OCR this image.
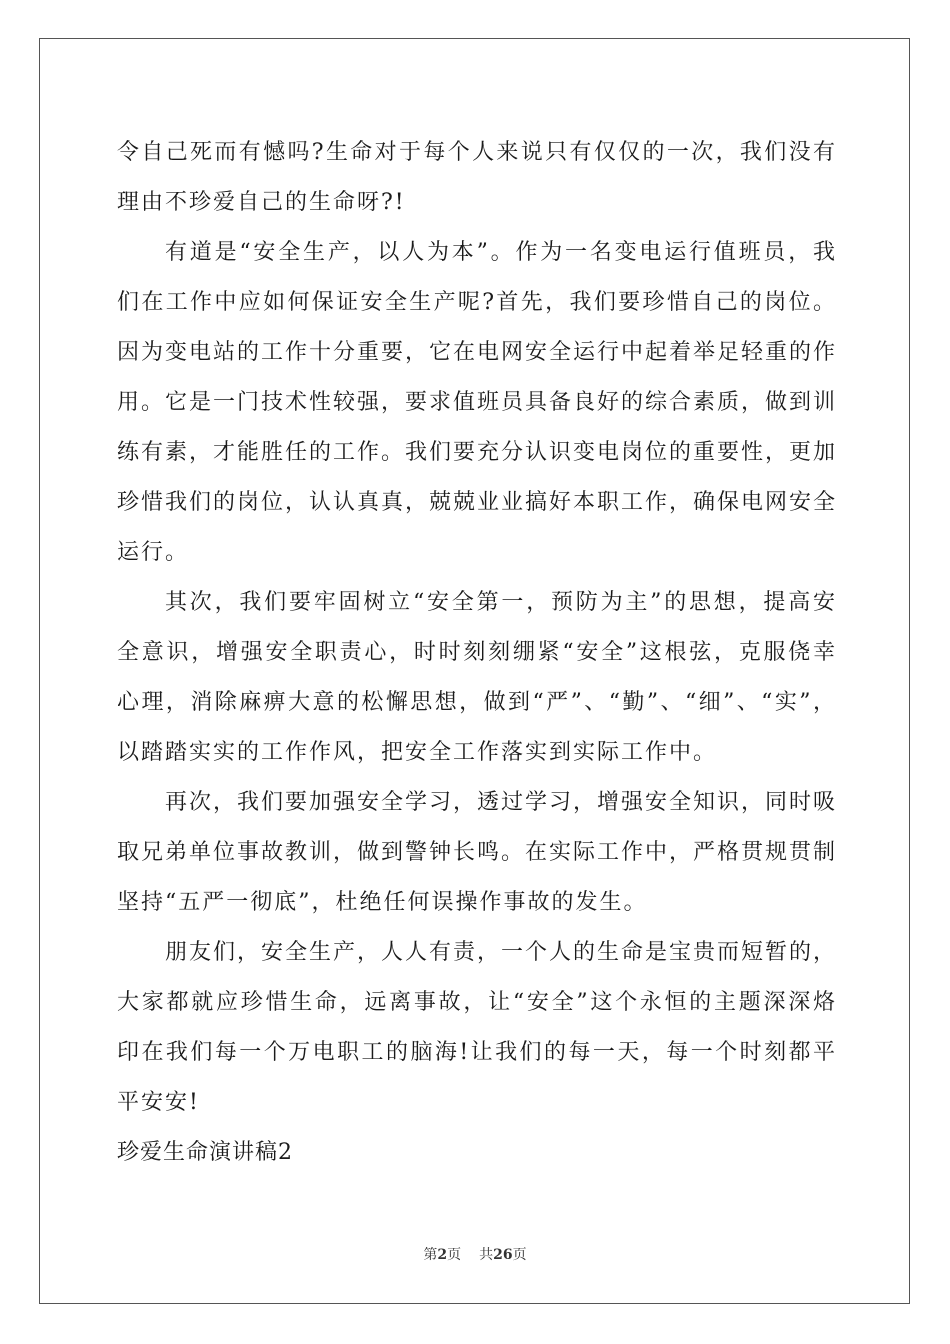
令自己死而有憾吗?生命对于每个人来说只有仅仅的一次，我们没有理由不珍爱自己的生命呀?!

有道是“安全生产，以人为本”。作为一名变电运行值班员，我们在工作中应如何保证安全生产呢?首先，我们要珍惜自己的岗位。因为变电站的工作十分重要，它在电网安全运行中起着举足轻重的作用。它是一门技术性较强，要求值班员具备良好的综合素质，做到训练有素，才能胜任的工作。我们要充分认识变电岗位的重要性，更加珍惜我们的岗位，认认真真，兢兢业业搞好本职工作，确保电网安全运行。

其次，我们要牢固树立“安全第一，预防为主”的思想，提高安全意识，增强安全职责心，时时刻刻绷紧“安全”这根弦，克服侥幸心理，消除麻痹大意的松懈思想，做到“严”、“勤”、“细”、“实”，以踏踏实实的工作作风，把安全工作落实到实际工作中。

再次，我们要加强安全学习，透过学习，增强安全知识，同时吸取兄弟单位事故教训，做到警钟长鸣。在实际工作中，严格贯规贯制坚持“五严一彻底”，杜绝任何误操作事故的发生。

朋友们，安全生产，人人有责，一个人的生命是宝贵而短暂的，大家都就应珍惜生命，远离事故，让“安全”这个永恒的主题深深烙印在我们每一个万电职工的脑海!让我们的每一天，每一个时刻都平平安安!

珍爱生命演讲稿2

第2页 共26页
